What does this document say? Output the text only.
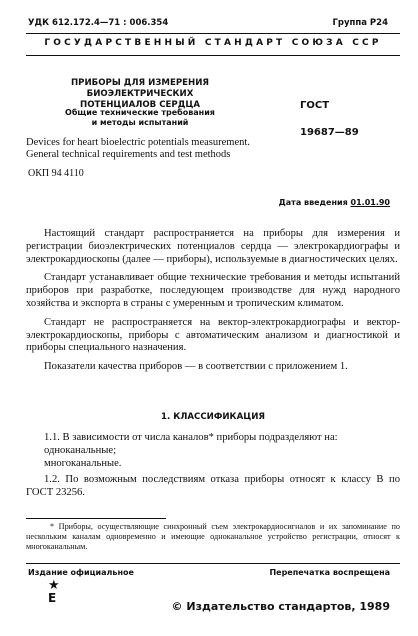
УДК 612.172.4—71 : 006.354	Группа Р24
ГОСУДАРСТВЕННЫЙ СТАНДАРТ СОЮЗА ССР
ПРИБОРЫ ДЛЯ ИЗМЕРЕНИЯ БИОЭЛЕКТРИЧЕСКИХ
ПОТЕНЦИАЛОВ СЕРДЦА
Общие технические требования
и методы испытаний
Devices for heart bioelectric potentials measurement.
General technical requirements and test methods
ГОСТ
19687—89
ОКП 94 4110
Дата введения 01.01.90

Настоящий стандарт распространяется на приборы для измерения и регистрации биоэлектрических потенциалов сердца — электрокардиографы и электрокардиоскопы (далее — приборы), используемые в диагностических целях.

Стандарт устанавливает общие технические требования и методы испытаний приборов при разработке, последующем производстве для нужд народного хозяйства и экспорта в страны с умеренным и тропическим климатом.

Стандарт не распространяется на вектор-электрокардиографы и вектор-электрокардиоскопы, приборы с автоматическим анализом и диагностикой и приборы специального назначения.

Показатели качества приборов — в соответствии с приложением 1.

1. КЛАССИФИКАЦИЯ

1.1. В зависимости от числа каналов* приборы подразделяют на:

одноканальные;
многоканальные.

1.2. По возможным последствиям отказа приборы относят к классу В по ГОСТ 23256.

* Приборы, осуществляющие синхронный съем электрокардиосигналов и их запоминание по нескольким каналам одновременно и имеющие одноканальное устройство регистрации, относят к многоканальным.

Издание официальное	Перепечатка воспрещена
★
Е
© Издательство стандартов, 1989
